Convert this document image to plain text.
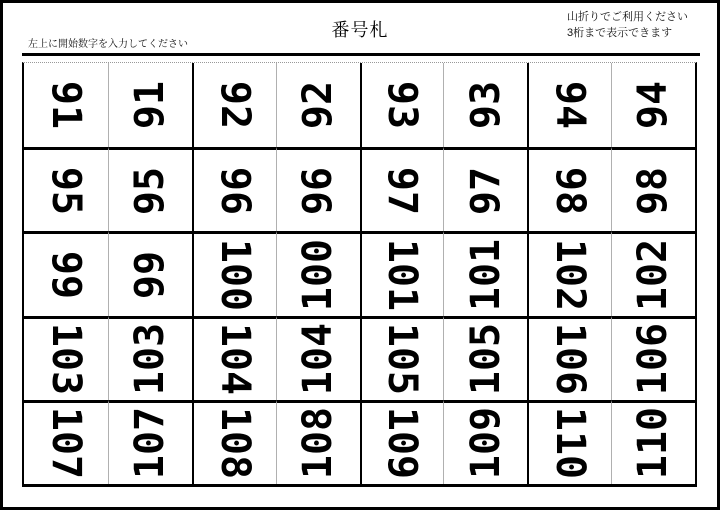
左上に開始数字を入力してください
番号札
山折りでご利用ください
3桁まで表示できます
91 91 92 92 93 93 94 94
95 95 96 96 97 97 98 98
99 99 100 100 101 101 102 102
103 103 104 104 105 105 106 106
107 107 108 108 109 109 110 110
